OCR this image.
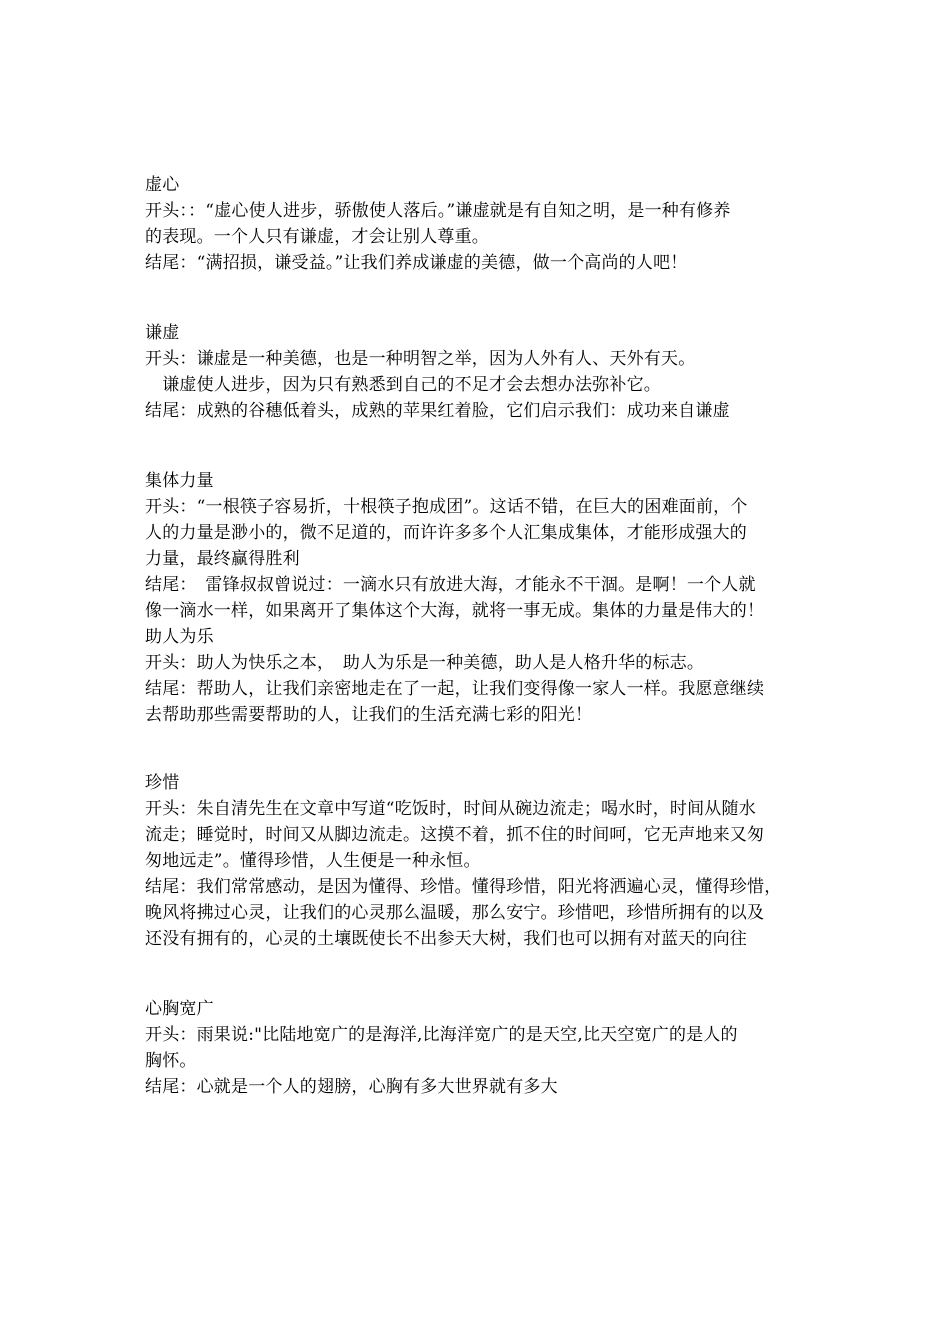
虚心
开头：：“虚心使人进步，骄傲使人落后。”谦虚就是有自知之明，是一种有修养
的表现。一个人只有谦虚，才会让别人尊重。
结尾：“满招损，谦受益。”让我们养成谦虚的美德，做一个高尚的人吧！
谦虚
开头：谦虚是一种美德，也是一种明智之举，因为人外有人、天外有天。
　谦虚使人进步，因为只有熟悉到自己的不足才会去想办法弥补它。
结尾：成熟的谷穗低着头，成熟的苹果红着脸，它们启示我们：成功来自谦虚
集体力量
开头：“一根筷子容易折，十根筷子抱成团”。这话不错，在巨大的困难面前，个
人的力量是渺小的，微不足道的，而许许多多个人汇集成集体，才能形成强大的
力量，最终赢得胜利
结尾：　雷锋叔叔曾说过：一滴水只有放进大海，才能永不干涸。是啊！一个人就
像一滴水一样，如果离开了集体这个大海，就将一事无成。集体的力量是伟大的！
助人为乐
开头：助人为快乐之本，　助人为乐是一种美德，助人是人格升华的标志。
结尾：帮助人，让我们亲密地走在了一起，让我们变得像一家人一样。我愿意继续
去帮助那些需要帮助的人，让我们的生活充满七彩的阳光！
珍惜
开头：朱自清先生在文章中写道“吃饭时，时间从碗边流走；喝水时，时间从随水
流走；睡觉时，时间又从脚边流走。这摸不着，抓不住的时间呵，它无声地来又匆
匆地远走”。懂得珍惜，人生便是一种永恒。
结尾：我们常常感动，是因为懂得、珍惜。懂得珍惜，阳光将洒遍心灵，懂得珍惜，
晚风将拂过心灵，让我们的心灵那么温暖，那么安宁。珍惜吧，珍惜所拥有的以及
还没有拥有的，心灵的土壤既使长不出参天大树，我们也可以拥有对蓝天的向往
心胸宽广
开头：雨果说:"比陆地宽广的是海洋,比海洋宽广的是天空,比天空宽广的是人的
胸怀。
结尾：心就是一个人的翅膀，心胸有多大世界就有多大
